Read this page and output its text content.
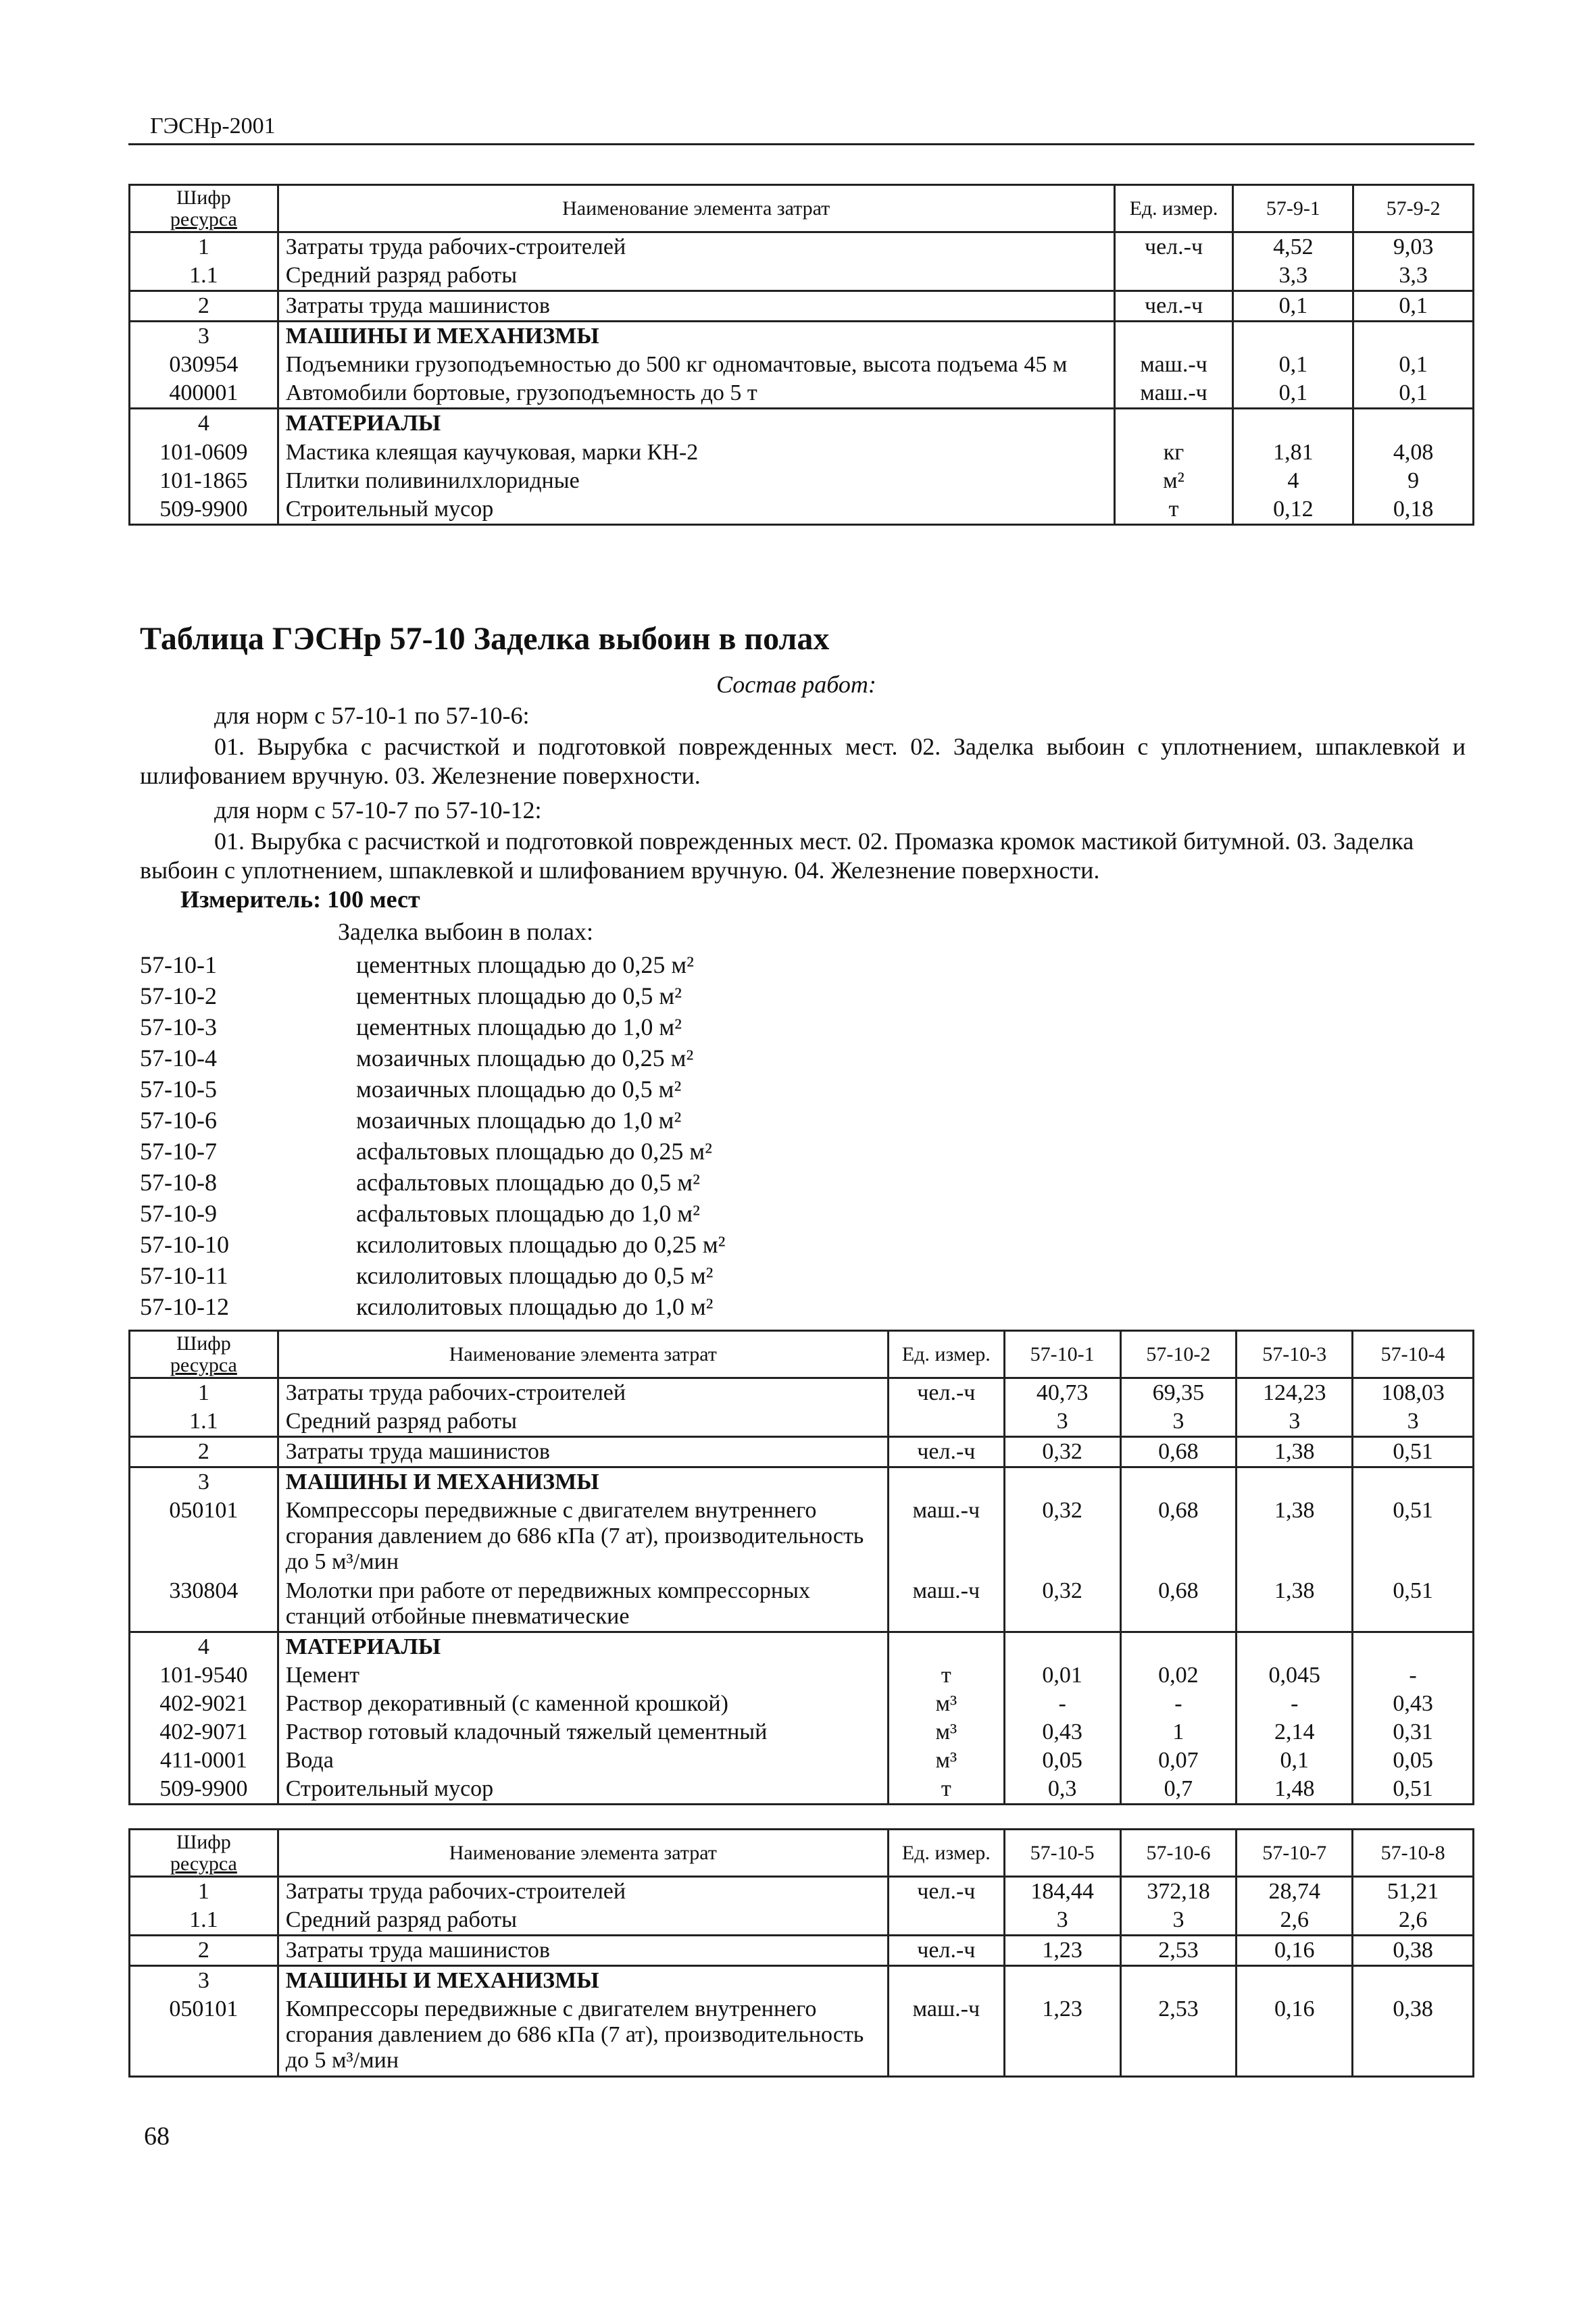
ГЭСНр-2001
Шифр
ресурса	Наименование элемента затрат	Ед. измер.	57-9-1	57-9-2
1	Затраты труда рабочих-строителей	чел.-ч	4,52	9,03
1.1	Средний разряд работы		3,3	3,3
2	Затраты труда машинистов	чел.-ч	0,1	0,1
3	МАШИНЫ И МЕХАНИЗМЫ			
030954	Подъемники грузоподъемностью до 500 кг одномачтовые, высота подъема 45 м	маш.-ч	0,1	0,1
400001	Автомобили бортовые, грузоподъемность до 5 т	маш.-ч	0,1	0,1
4	МАТЕРИАЛЫ			
101-0609	Мастика клеящая каучуковая, марки КН-2	кг	1,81	4,08
101-1865	Плитки поливинилхлоридные	м²	4	9
509-9900	Строительный мусор	т	0,12	0,18
Таблица ГЭСНр 57-10 Заделка выбоин в полах
Состав работ:
для норм с 57-10-1 по 57-10-6:
01. Вырубка с расчисткой и подготовкой поврежденных мест. 02. Заделка выбоин с уплотнением, шпаклевкой и шлифованием вручную. 03. Железнение поверхности.
для норм с 57-10-7 по 57-10-12:
01. Вырубка с расчисткой и подготовкой поврежденных мест. 02. Промазка кромок мастикой битумной. 03. Заделка выбоин с уплотнением, шпаклевкой и шлифованием вручную. 04. Железнение поверхности.
Измеритель: 100 мест
Заделка выбоин в полах:
57-10-1	цементных площадью до 0,25 м²
57-10-2	цементных площадью до 0,5 м²
57-10-3	цементных площадью до 1,0 м²
57-10-4	мозаичных площадью до 0,25 м²
57-10-5	мозаичных площадью до 0,5 м²
57-10-6	мозаичных площадью до 1,0 м²
57-10-7	асфальтовых площадью до 0,25 м²
57-10-8	асфальтовых площадью до 0,5 м²
57-10-9	асфальтовых площадью до 1,0 м²
57-10-10	ксилолитовых площадью до 0,25 м²
57-10-11	ксилолитовых площадью до 0,5 м²
57-10-12	ксилолитовых площадью до 1,0 м²
Шифр
ресурса	Наименование элемента затрат	Ед. измер.	57-10-1	57-10-2	57-10-3	57-10-4
1	Затраты труда рабочих-строителей	чел.-ч	40,73	69,35	124,23	108,03
1.1	Средний разряд работы		3	3	3	3
2	Затраты труда машинистов	чел.-ч	0,32	0,68	1,38	0,51
3	МАШИНЫ И МЕХАНИЗМЫ					
050101	Компрессоры передвижные с двигателем внутреннего сгорания давлением до 686 кПа (7 ат), производительность до 5 м³/мин	маш.-ч	0,32	0,68	1,38	0,51
330804	Молотки при работе от передвижных компрессорных станций отбойные пневматические	маш.-ч	0,32	0,68	1,38	0,51
4	МАТЕРИАЛЫ					
101-9540	Цемент	т	0,01	0,02	0,045	-
402-9021	Раствор декоративный (с каменной крошкой)	м³	-	-	-	0,43
402-9071	Раствор готовый кладочный тяжелый цементный	м³	0,43	1	2,14	0,31
411-0001	Вода	м³	0,05	0,07	0,1	0,05
509-9900	Строительный мусор	т	0,3	0,7	1,48	0,51
Шифр
ресурса	Наименование элемента затрат	Ед. измер.	57-10-5	57-10-6	57-10-7	57-10-8
1	Затраты труда рабочих-строителей	чел.-ч	184,44	372,18	28,74	51,21
1.1	Средний разряд работы		3	3	2,6	2,6
2	Затраты труда машинистов	чел.-ч	1,23	2,53	0,16	0,38
3	МАШИНЫ И МЕХАНИЗМЫ					
050101	Компрессоры передвижные с двигателем внутреннего сгорания давлением до 686 кПа (7 ат), производительность до 5 м³/мин	маш.-ч	1,23	2,53	0,16	0,38
68
